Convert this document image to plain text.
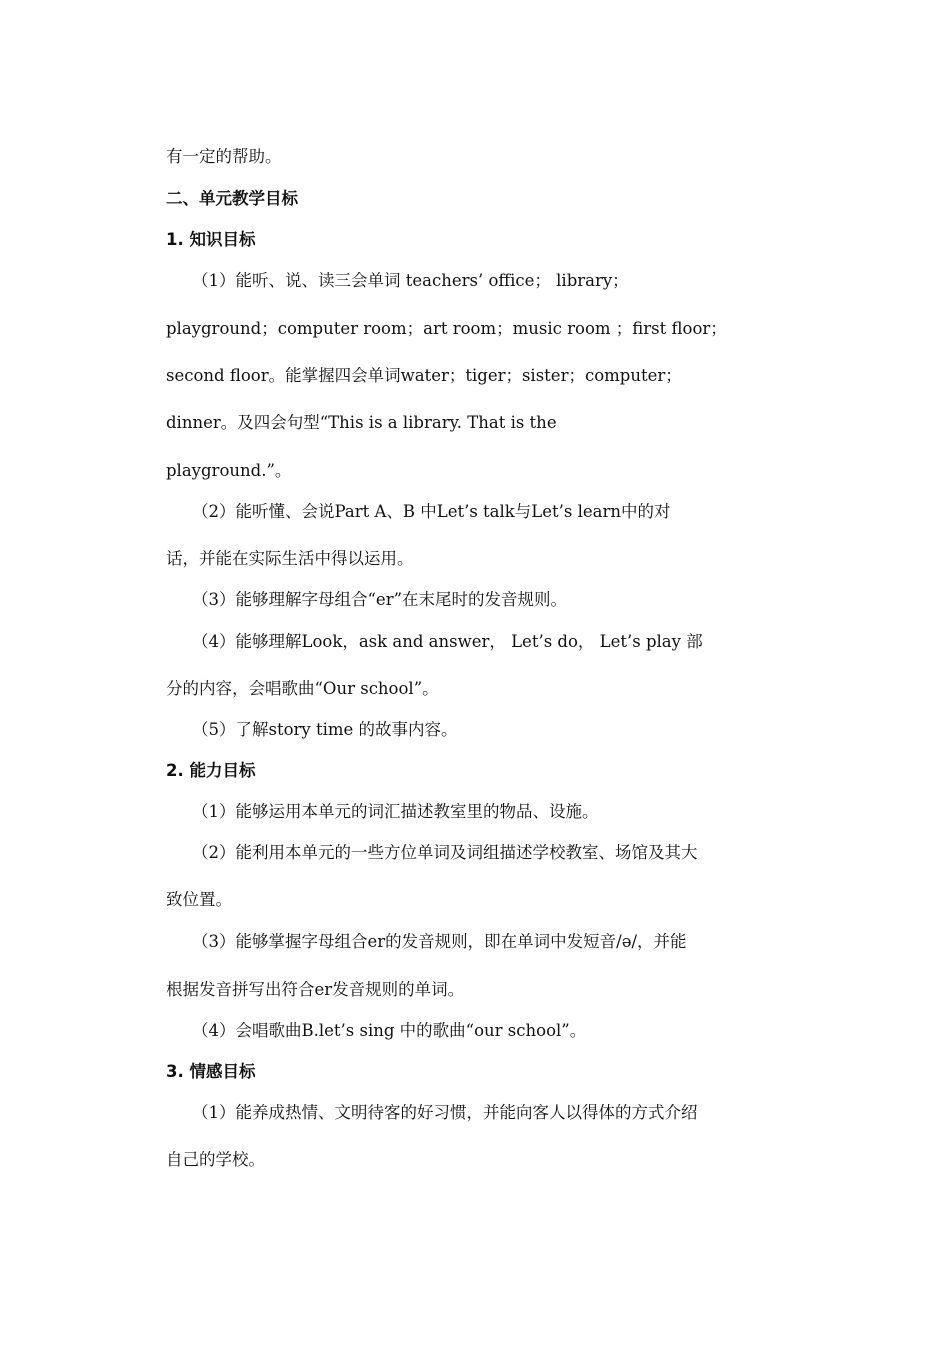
有一定的帮助。
二、单元教学目标
1. 知识目标
（1）能听、说、读三会单词 teachers’ office； library；
playground；computer room；art room；music room ；first floor；
second floor。能掌握四会单词water；tiger；sister；computer；
dinner。及四会句型“This is a library. That is the
playground.”。
（2）能听懂、会说Part A、B 中Let’s talk与Let’s learn中的对
话，并能在实际生活中得以运用。
（3）能够理解字母组合“er”在末尾时的发音规则。
（4）能够理解Look，ask and answer， Let’s do， Let’s play 部
分的内容，会唱歌曲“Our school”。
（5）了解story time 的故事内容。
2. 能力目标
（1）能够运用本单元的词汇描述教室里的物品、设施。
（2）能利用本单元的一些方位单词及词组描述学校教室、场馆及其大
致位置。
（3）能够掌握字母组合er的发音规则，即在单词中发短音/ə/，并能
根据发音拼写出符合er发音规则的单词。
（4）会唱歌曲B.let’s sing 中的歌曲“our school”。
3. 情感目标
（1）能养成热情、文明待客的好习惯，并能向客人以得体的方式介绍
自己的学校。
